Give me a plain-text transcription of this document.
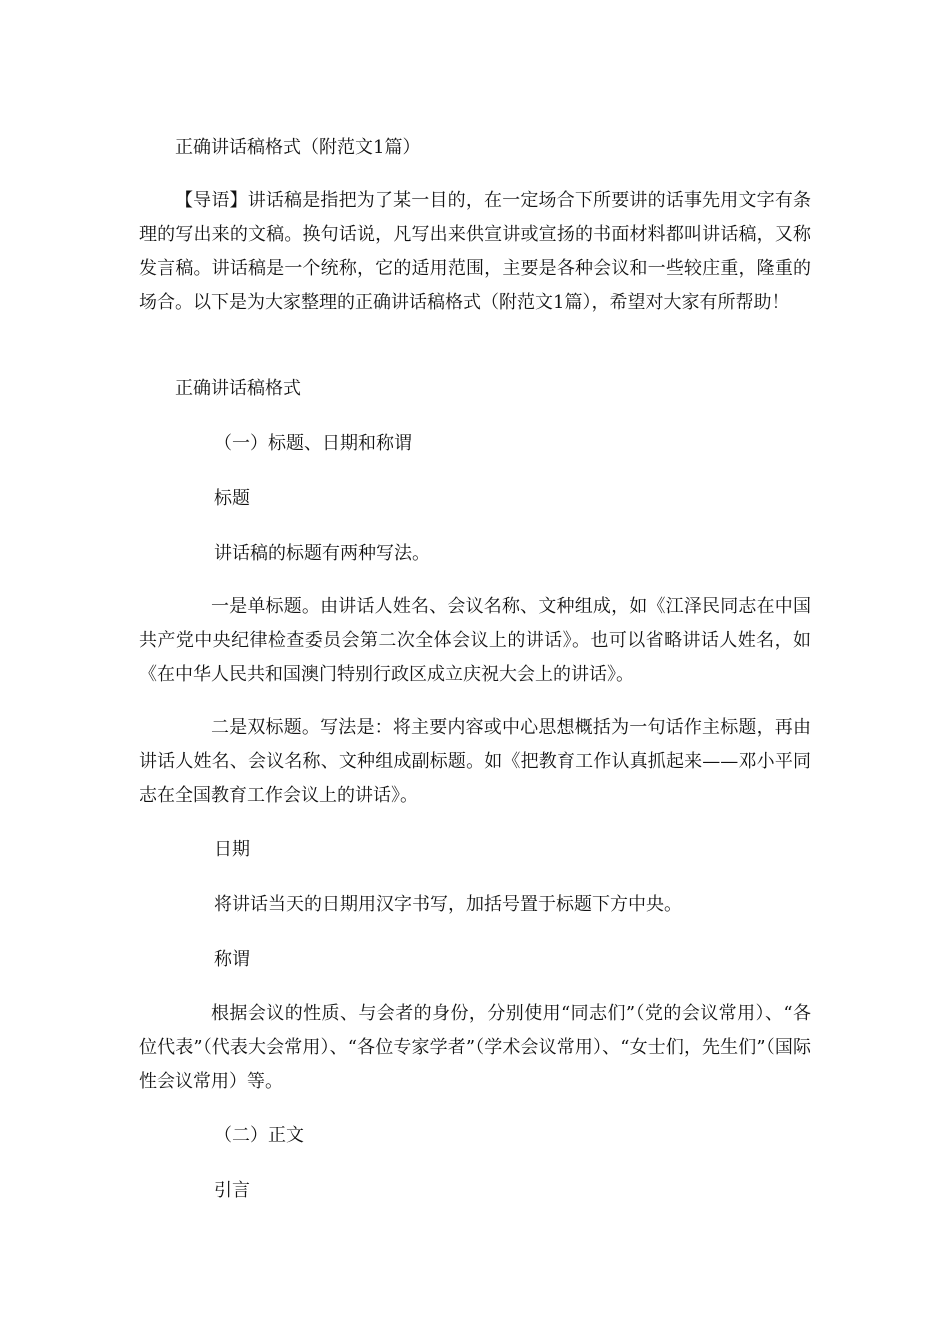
正确讲话稿格式（附范文1篇）

【导语】讲话稿是指把为了某一目的，在一定场合下所要讲的话事先用文字有条理的写出来的文稿。换句话说，凡写出来供宣讲或宣扬的书面材料都叫讲话稿，又称发言稿。讲话稿是一个统称，它的适用范围，主要是各种会议和一些较庄重，隆重的场合。以下是为大家整理的正确讲话稿格式（附范文1篇），希望对大家有所帮助！

正确讲话稿格式

（一）标题、日期和称谓

标题

讲话稿的标题有两种写法。

一是单标题。由讲话人姓名、会议名称、文种组成，如《江泽民同志在中国共产党中央纪律检查委员会第二次全体会议上的讲话》。也可以省略讲话人姓名，如《在中华人民共和国澳门特别行政区成立庆祝大会上的讲话》。

二是双标题。写法是：将主要内容或中心思想概括为一句话作主标题，再由讲话人姓名、会议名称、文种组成副标题。如《把教育工作认真抓起来——邓小平同志在全国教育工作会议上的讲话》。

日期

将讲话当天的日期用汉字书写，加括号置于标题下方中央。

称谓

根据会议的性质、与会者的身份，分别使用“同志们”（党的会议常用）、“各位代表”（代表大会常用）、“各位专家学者”（学术会议常用）、“女士们，先生们”（国际性会议常用）等。

（二）正文

引言
